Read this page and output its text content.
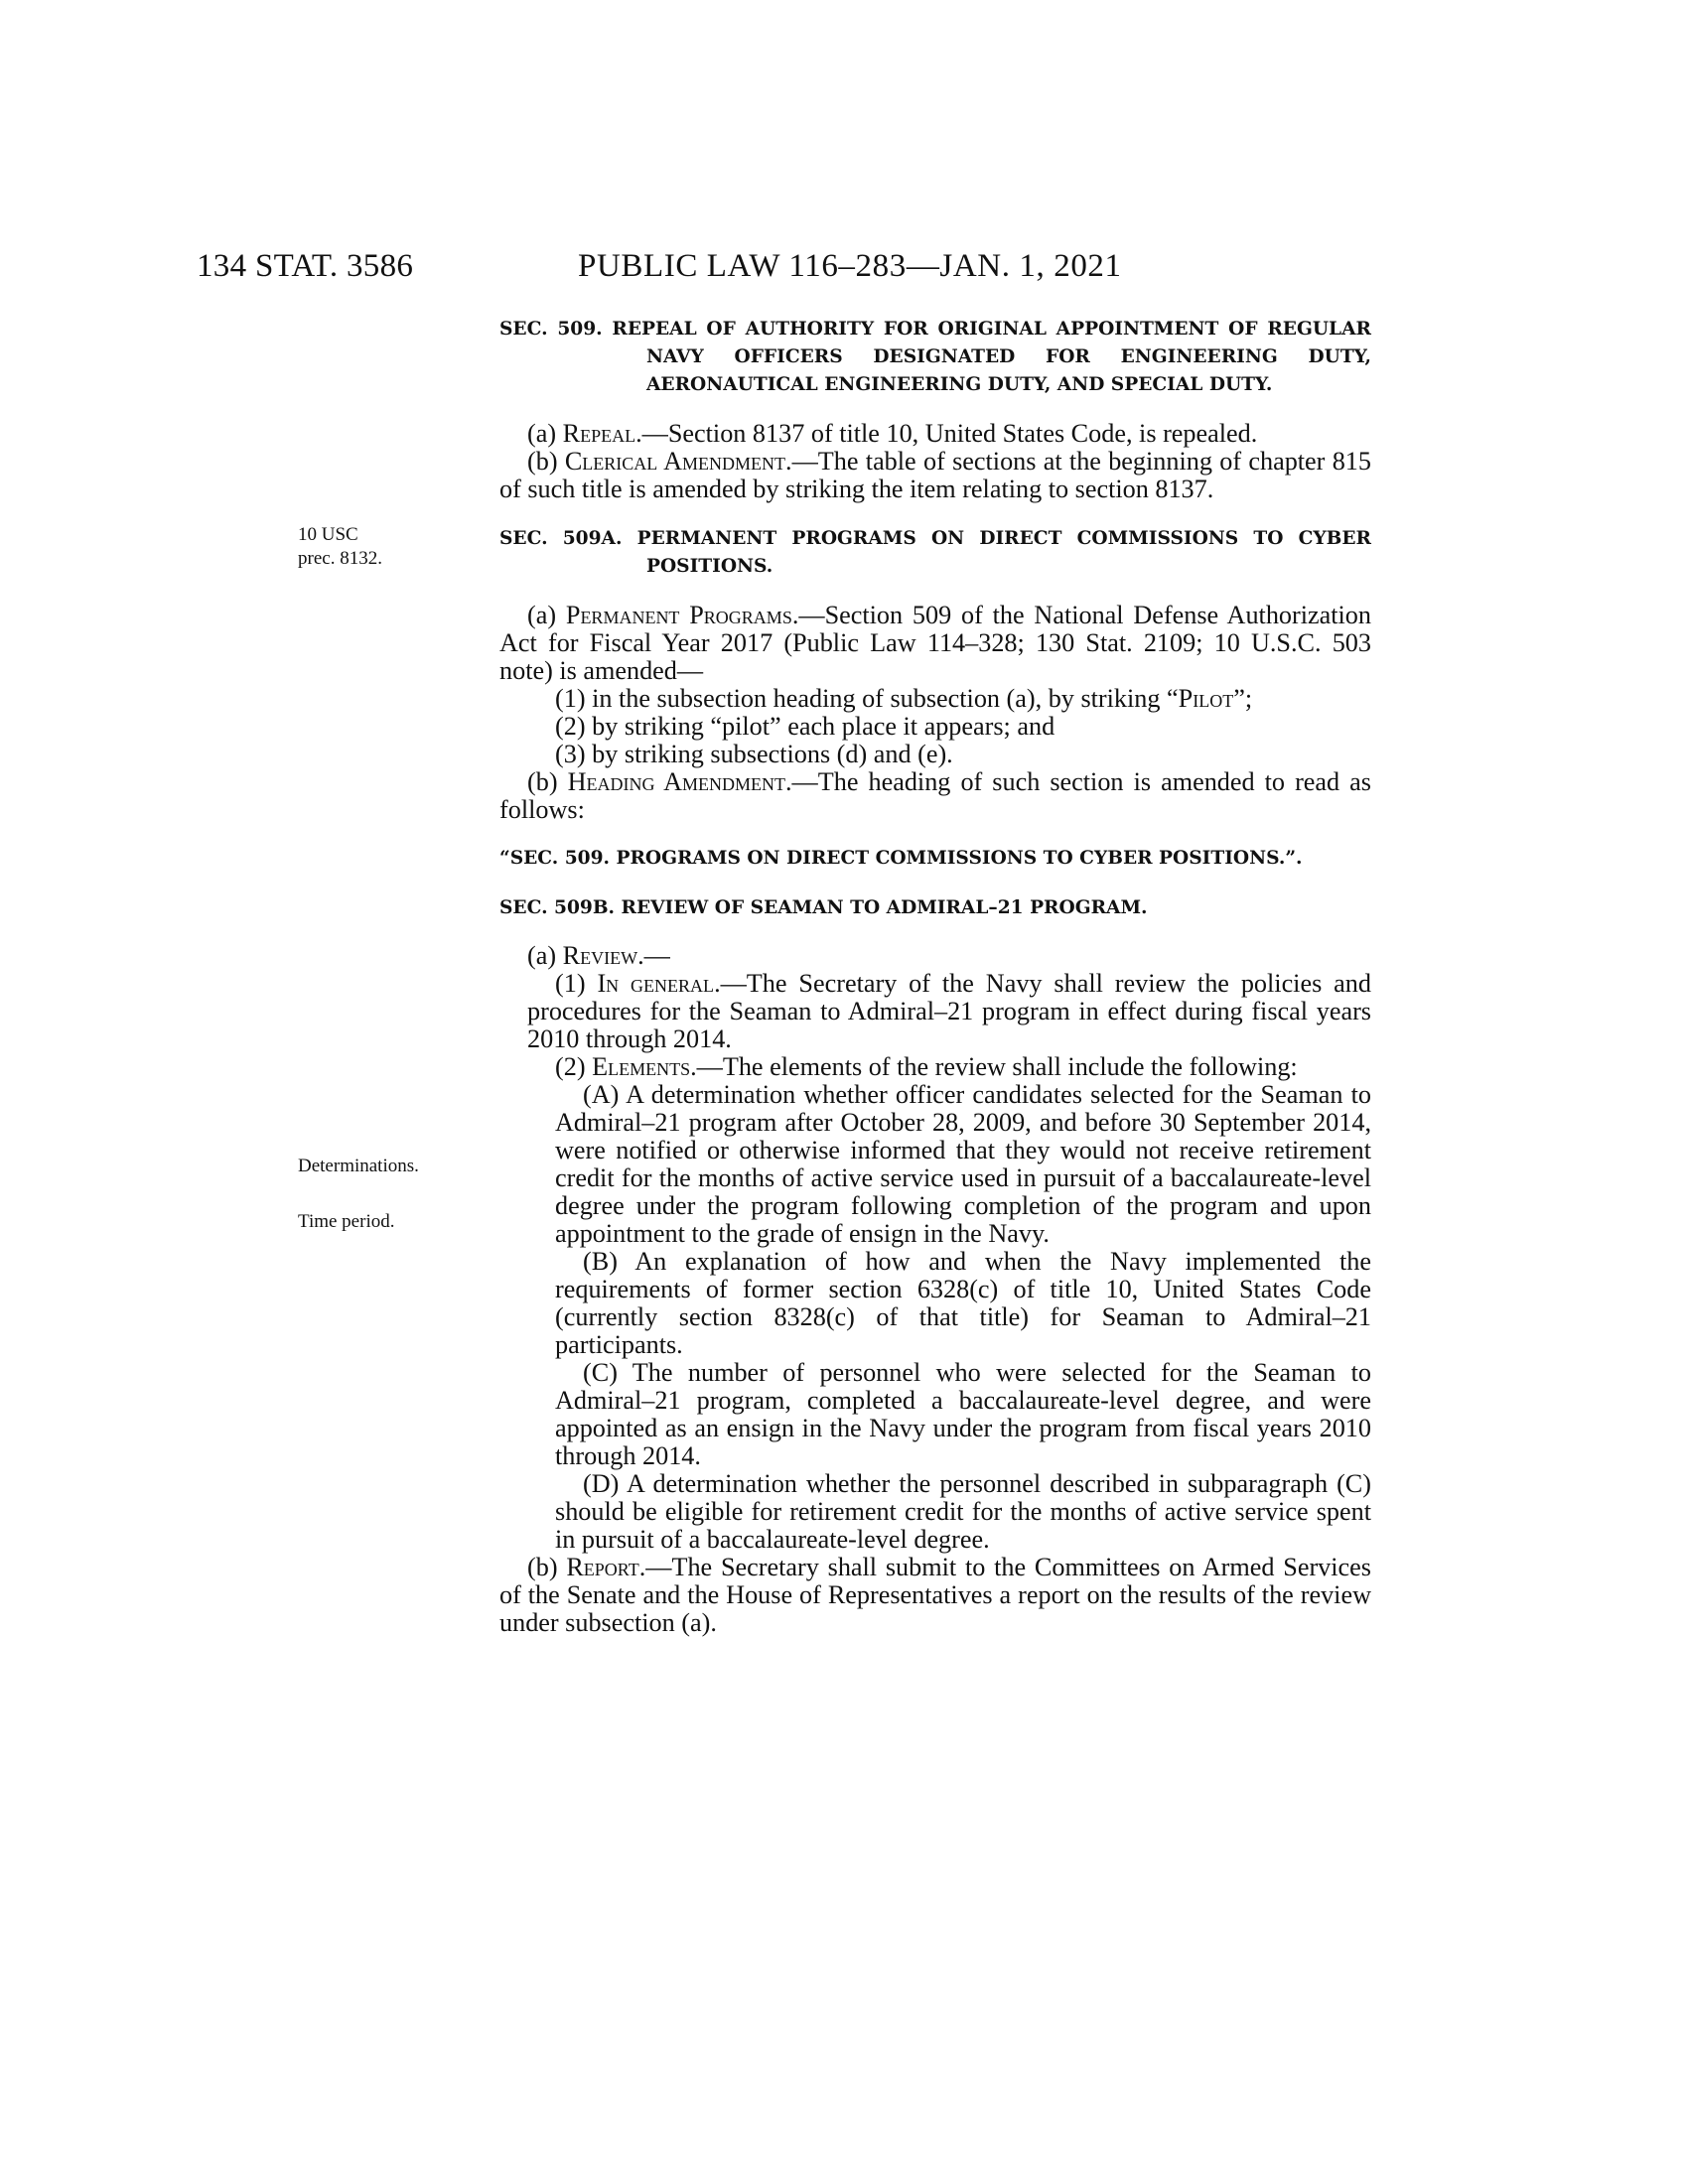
134 STAT. 3586	PUBLIC LAW 116–283—JAN. 1, 2021
10 USC
prec. 8132.
Determinations.
Time period.

SEC. 509. REPEAL OF AUTHORITY FOR ORIGINAL APPOINTMENT OF REGULAR NAVY OFFICERS DESIGNATED FOR ENGINEERING DUTY, AERONAUTICAL ENGINEERING DUTY, AND SPECIAL DUTY.

(a) Repeal.—Section 8137 of title 10, United States Code, is repealed.

(b) Clerical Amendment.—The table of sections at the beginning of chapter 815 of such title is amended by striking the item relating to section 8137.

SEC. 509A. PERMANENT PROGRAMS ON DIRECT COMMISSIONS TO CYBER POSITIONS.

(a) Permanent Programs.—Section 509 of the National Defense Authorization Act for Fiscal Year 2017 (Public Law 114–328; 130 Stat. 2109; 10 U.S.C. 503 note) is amended—

(1) in the subsection heading of subsection (a), by striking “Pilot”;

(2) by striking “pilot” each place it appears; and

(3) by striking subsections (d) and (e).

(b) Heading Amendment.—The heading of such section is amended to read as follows:

“SEC. 509. PROGRAMS ON DIRECT COMMISSIONS TO CYBER POSITIONS.”.

SEC. 509B. REVIEW OF SEAMAN TO ADMIRAL–21 PROGRAM.

(a) Review.—

(1) In general.—The Secretary of the Navy shall review the policies and procedures for the Seaman to Admiral–21 program in effect during fiscal years 2010 through 2014.

(2) Elements.—The elements of the review shall include the following:

(A) A determination whether officer candidates selected for the Seaman to Admiral–21 program after October 28, 2009, and before 30 September 2014, were notified or otherwise informed that they would not receive retirement credit for the months of active service used in pursuit of a baccalaureate-level degree under the program following completion of the program and upon appointment to the grade of ensign in the Navy.

(B) An explanation of how and when the Navy implemented the requirements of former section 6328(c) of title 10, United States Code (currently section 8328(c) of that title) for Seaman to Admiral–21 participants.

(C) The number of personnel who were selected for the Seaman to Admiral–21 program, completed a baccalaureate-level degree, and were appointed as an ensign in the Navy under the program from fiscal years 2010 through 2014.

(D) A determination whether the personnel described in subparagraph (C) should be eligible for retirement credit for the months of active service spent in pursuit of a baccalaureate-level degree.

(b) Report.—The Secretary shall submit to the Committees on Armed Services of the Senate and the House of Representatives a report on the results of the review under subsection (a).
